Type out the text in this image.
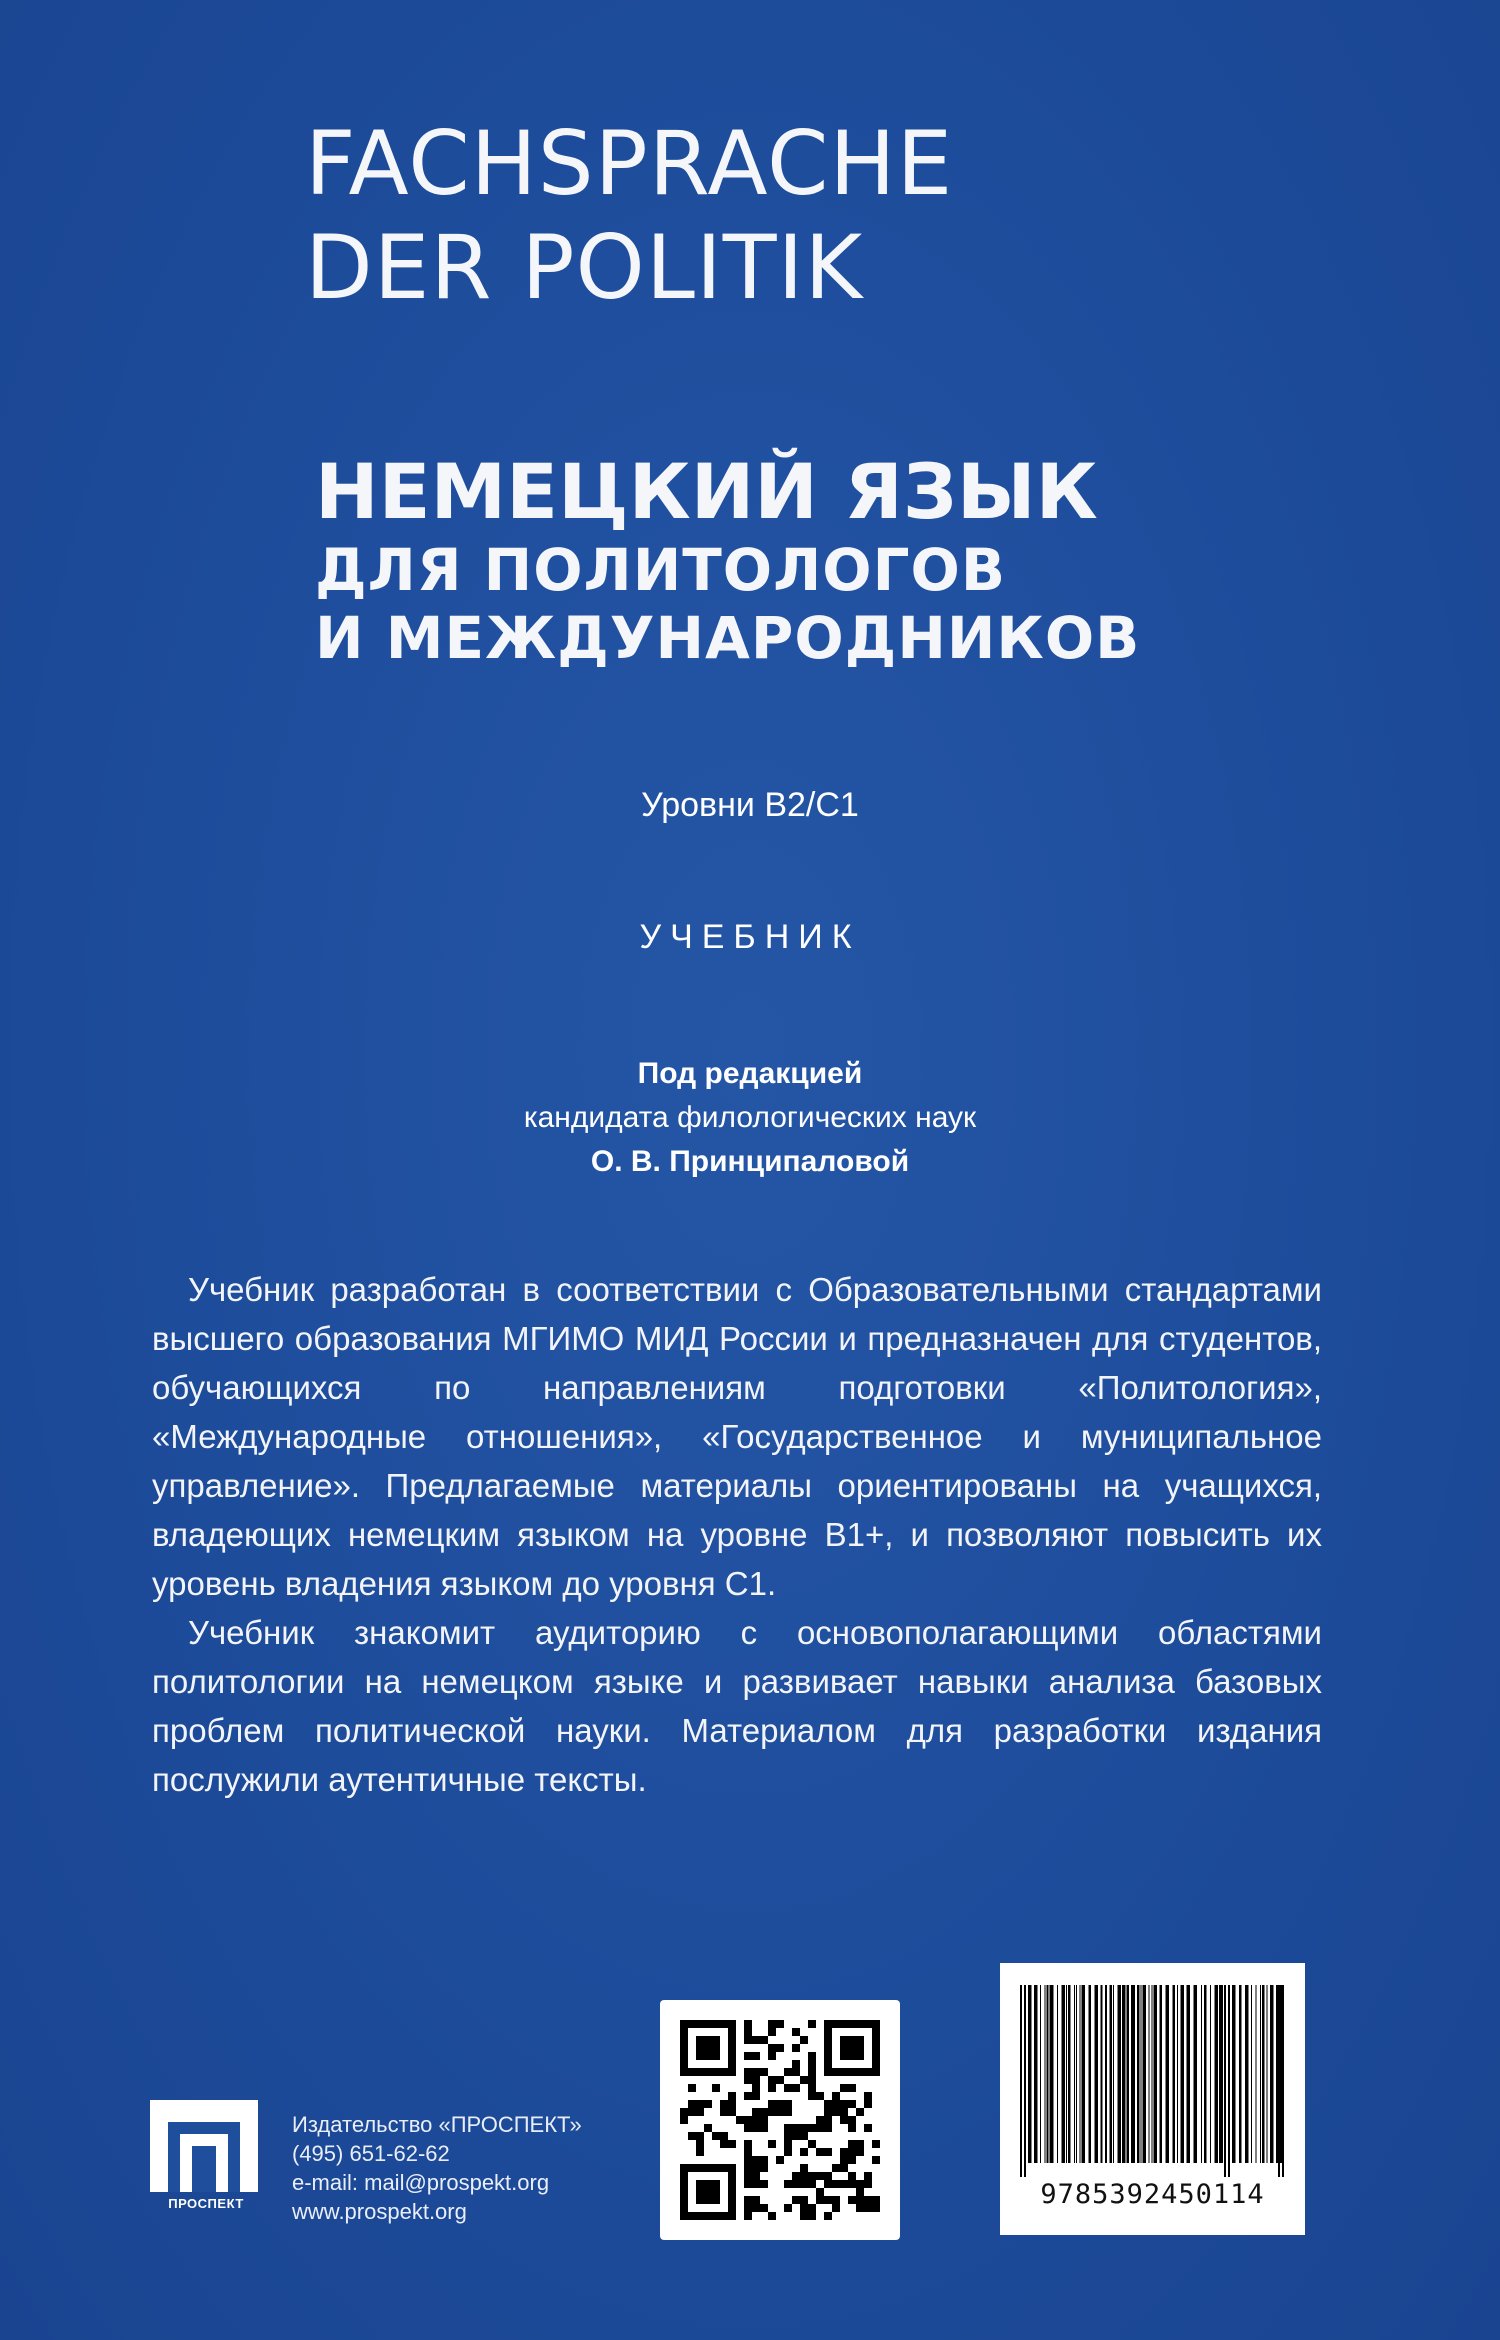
FACHSPRACHE
DER POLITIK
НЕМЕЦКИЙ ЯЗЫК
ДЛЯ ПОЛИТОЛОГОВ
И МЕЖДУНАРОДНИКОВ
Уровни B2/C1
УЧЕБНИК
Под редакцией
кандидата филологических наук
О. В. Принципаловой

Учебник разработан в соответствии с Образовательными стандартами высшего образования МГИМО МИД России и предназначен для студентов, обучающихся по направлениям подготовки «Политология», «Международные отношения», «Государственное и муниципальное управление». Предлагаемые материалы ориентированы на учащихся, владеющих немецким языком на уровне B1+, и позволяют повысить их уровень владения языком до уровня C1.

Учебник знакомит аудиторию с основополагающими областями политологии на немецком языке и развивает навыки анализа базовых проблем политической науки. Материалом для разработки издания послужили аутентичные тексты.

ПРОСПЕКТ
Издательство «ПРОСПЕКТ»
(495) 651-62-62
e-mail: mail@prospekt.org
www.prospekt.org
9785392450114
